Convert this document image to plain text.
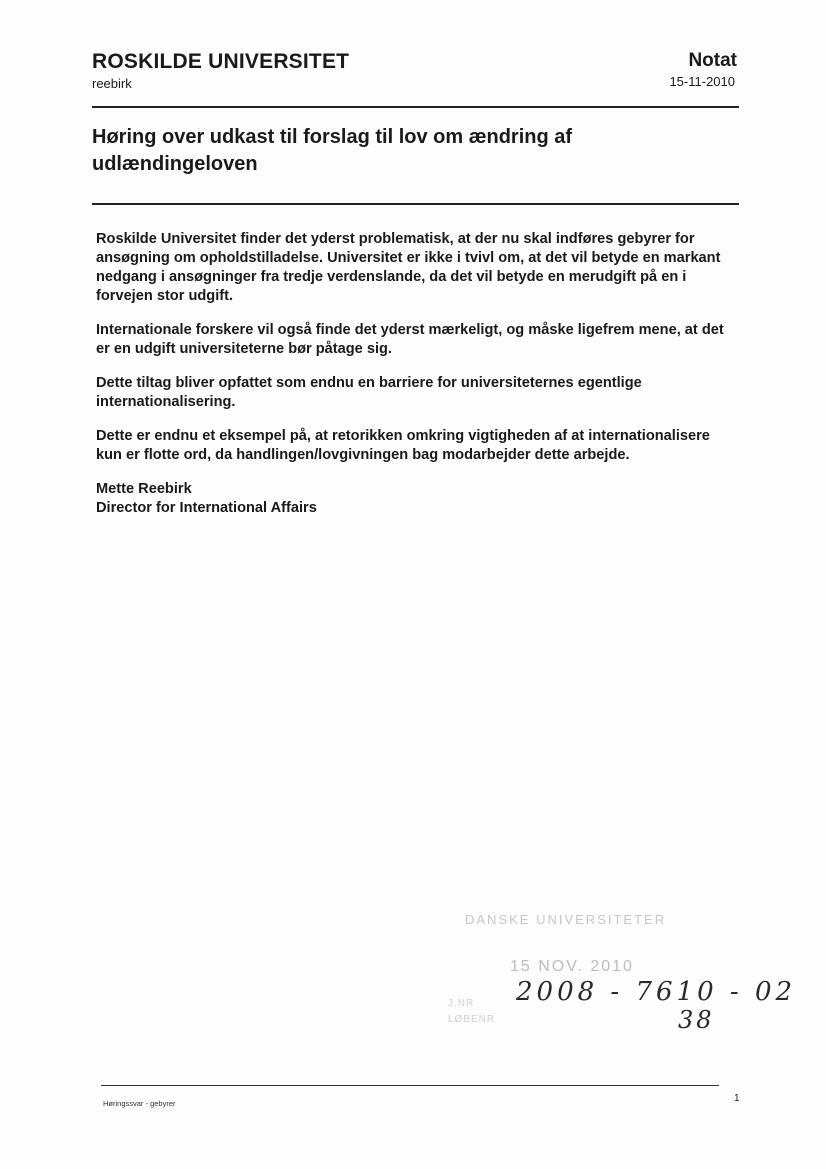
ROSKILDE UNIVERSITET
reebirk
Notat
15-11-2010
Høring over udkast til forslag til lov om ændring af udlændingeloven

Roskilde Universitet finder det yderst problematisk, at der nu skal indføres gebyrer for ansøgning om opholdstilladelse. Universitet er ikke i tvivl om, at det vil betyde en markant nedgang i ansøgninger fra tredje verdenslande, da det vil betyde en merudgift på en i forvejen stor udgift.

Internationale forskere vil også finde det yderst mærkeligt, og måske ligefrem mene, at det er en udgift universiteterne bør påtage sig.

Dette tiltag bliver opfattet som endnu en barriere for universiteternes egentlige internationalisering.

Dette er endnu et eksempel på, at retorikken omkring vigtigheden af at internationalisere kun er flotte ord, da handlingen/lovgivningen bag modarbejder dette arbejde.

Mette Reebirk
Director for International Affairs
DANSKE UNIVERSITETER
15 NOV. 2010
J.NR
LØBENR
2008 - 7610 - 02
38
Høringssvar - gebyrer	1
